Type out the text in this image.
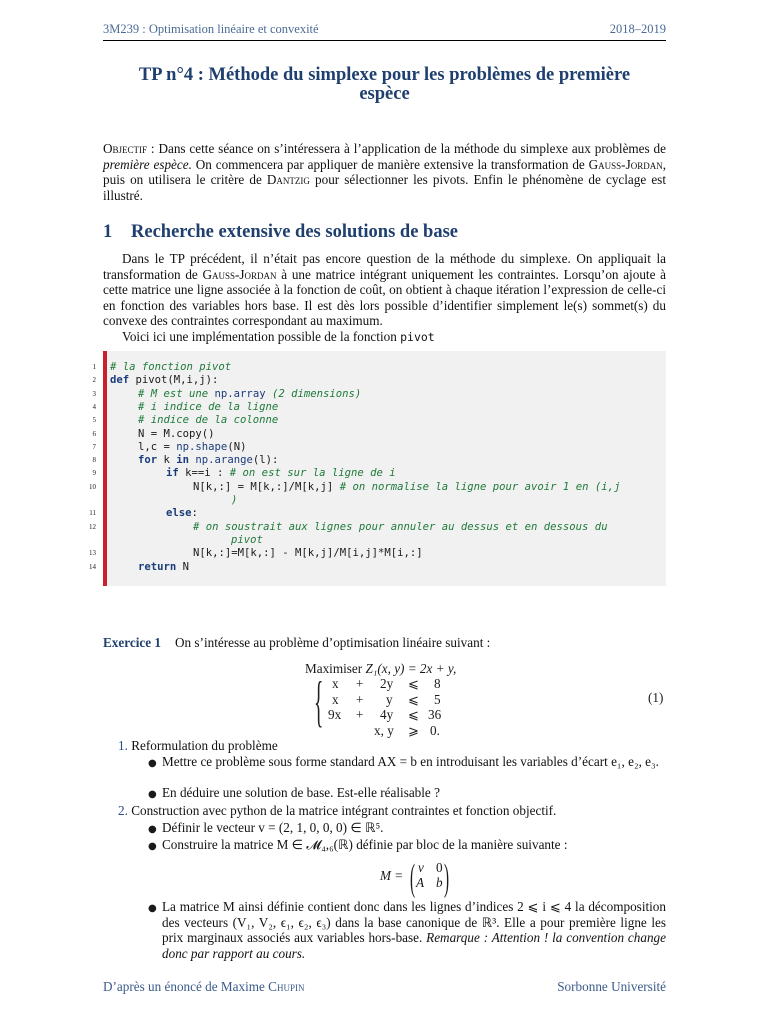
3M239 : Optimisation linéaire et convexité	2018–2019
TP n°4 : Méthode du simplexe pour les problèmes de première
espèce
Objectif : Dans cette séance on s’intéressera à l’application de la méthode du simplexe aux problèmes de première espèce. On commencera par appliquer de manière extensive la transformation de Gauss-Jordan, puis on utilisera le critère de Dantzig pour sélectionner les pivots. Enfin le phénomène de cyclage est illustré.
1 Recherche extensive des solutions de base
Dans le TP précédent, il n’était pas encore question de la méthode du simplexe. On appliquait la transformation de Gauss-Jordan à une matrice intégrant uniquement les contraintes. Lorsqu’on ajoute à cette matrice une ligne associée à la fonction de coût, on obtient à chaque itération l’expression de celle-ci en fonction des variables hors base. Il est dès lors possible d’identifier simplement le(s) sommet(s) du convexe des contraintes correspondant au maximum.
Voici ici une implémentation possible de la fonction pivot
1
2
3
4
5
6
7
8
9
10
11
12
13
14
# la fonction pivot
def pivot(M,i,j):
# M est une np.array (2 dimensions)
# i indice de la ligne
# indice de la colonne
N = M.copy()
l,c = np.shape(N)
for k in np.arange(l):
if k==i : # on est sur la ligne de i
N[k,:] = M[k,:]/M[k,j] # on normalise la ligne pour avoir 1 en (i,j
)
else:
# on soustrait aux lignes pour annuler au dessus et en dessous du
pivot
N[k,:]=M[k,:] - M[k,j]/M[i,j]*M[i,:]
return N
Exercice 1 On s’intéresse au problème d’optimisation linéaire suivant :
Maximiser Z₁(x, y) = 2x + y,
{ x + 2y ⩽ 8
x + y ⩽ 5
9x + 4y ⩽ 36
x, y ⩾ 0.
(1)
1. Reformulation du problème
● Mettre ce problème sous forme standard AX = b en introduisant les variables d’écart e₁, e₂, e₃.
● En déduire une solution de base. Est-elle réalisable ?
2. Construction avec python de la matrice intégrant contraintes et fonction objectif.
● Définir le vecteur v = (2, 1, 0, 0, 0) ∈ ℝ⁵.
● Construire la matrice M ∈ 𝓜₄,₆(ℝ) définie par bloc de la manière suivante :
M = ( v 0
A b )
● La matrice M ainsi définie contient donc dans les lignes d’indices 2 ⩽ i ⩽ 4 la décomposition des vecteurs (V₁, V₂, ϵ₁, ϵ₂, ϵ₃) dans la base canonique de ℝ³. Elle a pour première ligne les prix marginaux associés aux variables hors-base. Remarque : Attention ! la convention change donc par rapport au cours.
D’après un énoncé de Maxime Chupin	Sorbonne Université
